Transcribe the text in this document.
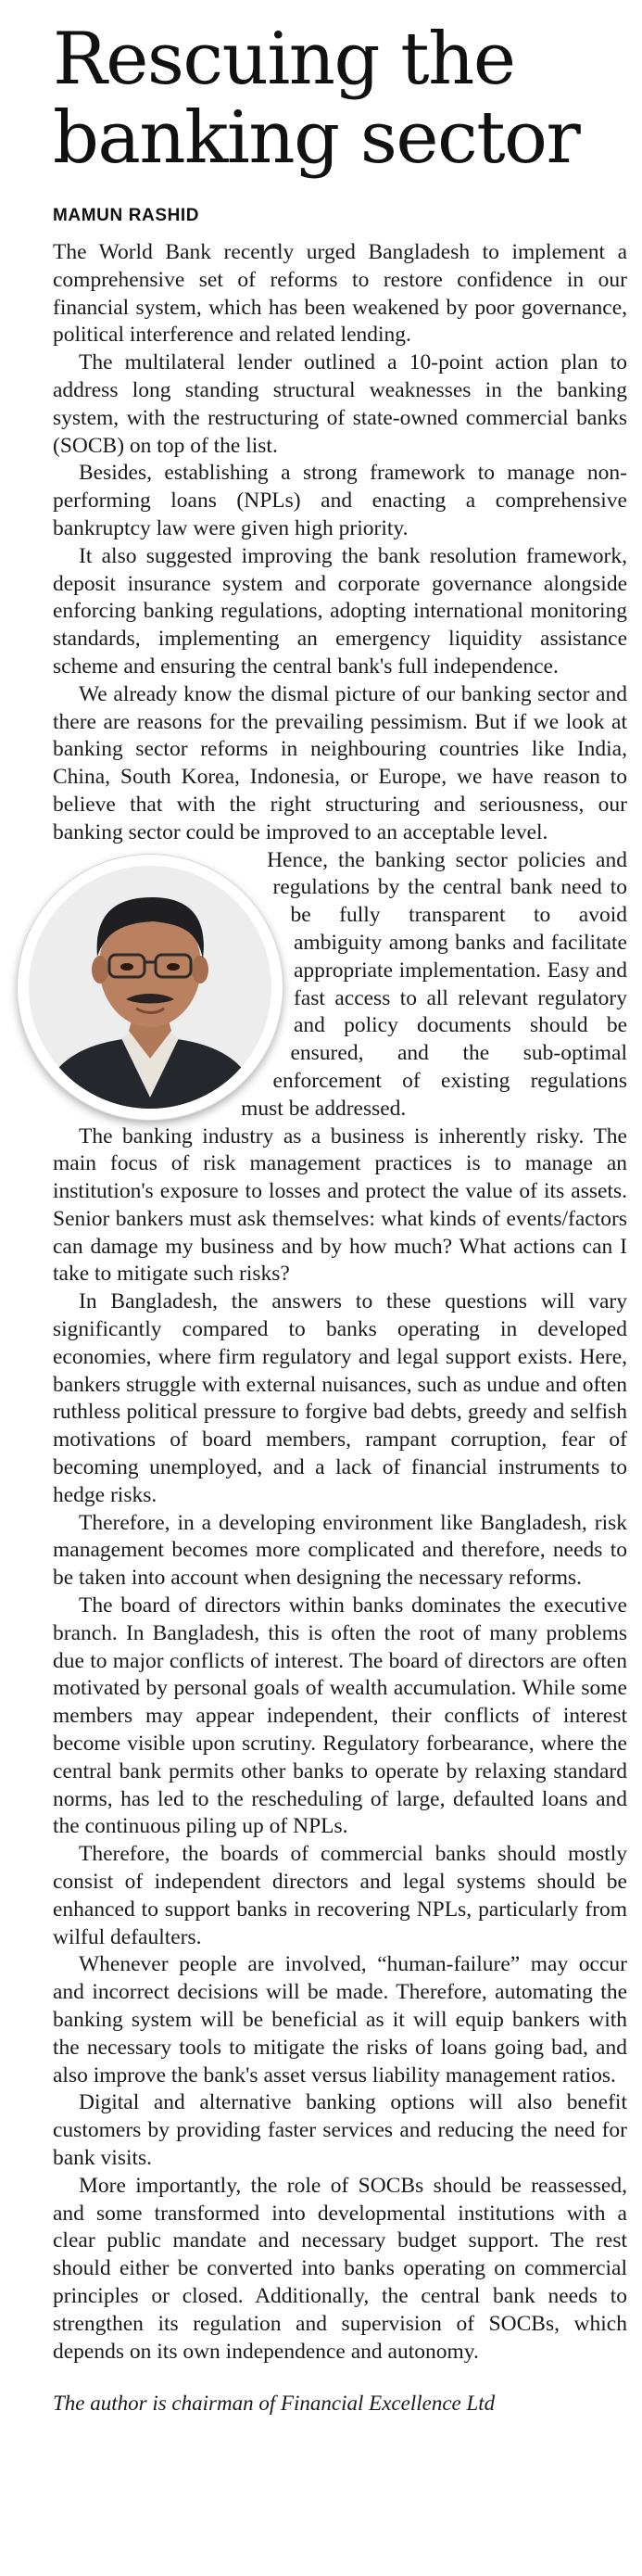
Rescuing the
banking sector
MAMUN RASHID

The World Bank recently urged Bangladesh to implement a comprehensive set of reforms to restore confidence in our financial system, which has been weakened by poor governance, political interference and related lending.

The multilateral lender outlined a 10-point action plan to address long standing structural weaknesses in the banking system, with the restructuring of state-owned commercial banks (SOCB) on top of the list.

Besides, establishing a strong framework to manage non-performing loans (NPLs) and enacting a comprehensive bankruptcy law were given high priority.

It also suggested improving the bank resolution framework, deposit insurance system and corporate governance alongside enforcing banking regulations, adopting international monitoring standards, implementing an emergency liquidity assistance scheme and ensuring the central bank's full independence.

We already know the dismal picture of our banking sector and there are reasons for the prevailing pessimism. But if we look at banking sector reforms in neighbouring countries like India, China, South Korea, Indonesia, or Europe, we have reason to believe that with the right structuring and seriousness, our banking sector could be improved to an acceptable level.

Hence, the banking sector policies and regulations by the central bank need to be fully transparent to avoid ambiguity among banks and facilitate appropriate implementation. Easy and fast access to all relevant regulatory and policy documents should be ensured, and the sub-optimal enforcement of existing regulations must be addressed.

The banking industry as a business is inherently risky. The main focus of risk management practices is to manage an institution's exposure to losses and protect the value of its assets. Senior bankers must ask themselves: what kinds of events/factors can damage my business and by how much? What actions can I take to mitigate such risks?

In Bangladesh, the answers to these questions will vary significantly compared to banks operating in developed economies, where firm regulatory and legal support exists. Here, bankers struggle with external nuisances, such as undue and often ruthless political pressure to forgive bad debts, greedy and selfish motivations of board members, rampant corruption, fear of becoming unemployed, and a lack of financial instruments to hedge risks.

Therefore, in a developing environment like Bangladesh, risk management becomes more complicated and therefore, needs to be taken into account when designing the necessary reforms.

The board of directors within banks dominates the executive branch. In Bangladesh, this is often the root of many problems due to major conflicts of interest. The board of directors are often motivated by personal goals of wealth accumulation. While some members may appear independent, their conflicts of interest become visible upon scrutiny. Regulatory forbearance, where the central bank permits other banks to operate by relaxing standard norms, has led to the rescheduling of large, defaulted loans and the continuous piling up of NPLs.

Therefore, the boards of commercial banks should mostly consist of independent directors and legal systems should be enhanced to support banks in recovering NPLs, particularly from wilful defaulters.

Whenever people are involved, “human-failure” may occur and incorrect decisions will be made. Therefore, automating the banking system will be beneficial as it will equip bankers with the necessary tools to mitigate the risks of loans going bad, and also improve the bank's asset versus liability management ratios.

Digital and alternative banking options will also benefit customers by providing faster services and reducing the need for bank visits.

More importantly, the role of SOCBs should be reassessed, and some transformed into developmental institutions with a clear public mandate and necessary budget support. The rest should either be converted into banks operating on commercial principles or closed. Additionally, the central bank needs to strengthen its regulation and supervision of SOCBs, which depends on its own independence and autonomy.

The author is chairman of Financial Excellence Ltd
